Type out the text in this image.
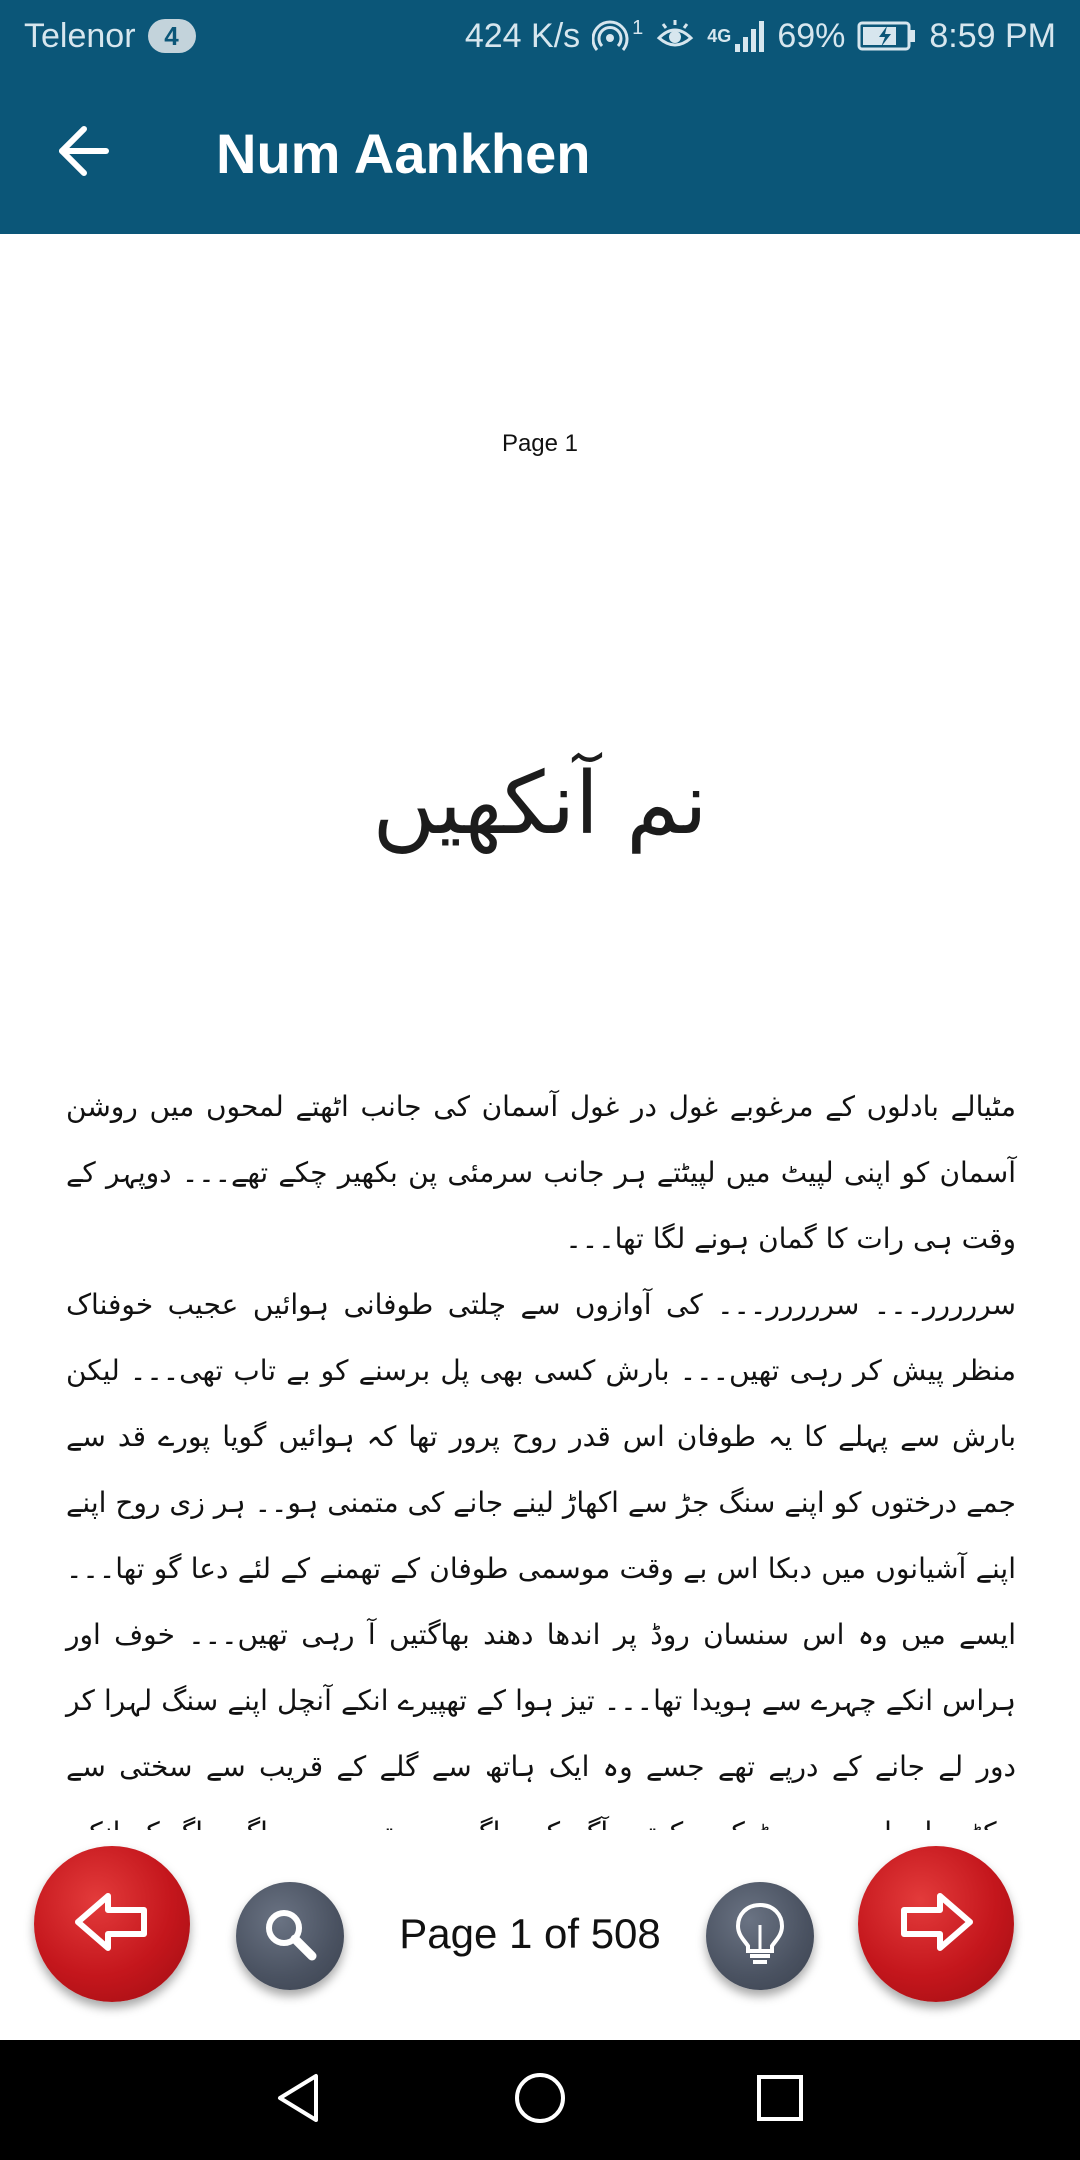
Telenor	4	424 K/s	1	4G 69% 8:59 PM
Num Aankhen
Page 1
نم آنکھیں

مٹیالے بادلوں کے مرغوبے غول در غول آسمان کی جانب اٹھتے لمحوں میں روشن آسمان کو اپنی لپیٹ میں لپیٹتے ہر جانب سرمئی پن بکھیر چکے تھے۔۔۔ دوپہر کے وقت ہی رات کا گمان ہونے لگا تھا۔۔۔

سررررر۔۔۔ سررررر۔۔۔ کی آوازوں سے چلتی طوفانی ہوائیں عجیب خوفناک منظر پیش کر رہی تھیں۔۔۔ بارش کسی بھی پل برسنے کو بے تاب تھی۔۔۔ لیکن بارش سے پہلے کا یہ طوفان اس قدر روح پرور تھا کہ ہوائیں گویا پورے قد سے جمے درختوں کو اپنے سنگ جڑ سے اکھاڑ لینے جانے کی متمنی ہو۔۔ ہر زی روح اپنے اپنے آشیانوں میں دبکا اس بے وقت موسمی طوفان کے تھمنے کے لئے دعا گو تھا۔۔۔ ایسے میں وہ اس سنسان روڈ پر اندھا دھند بھاگتیں آ رہی تھیں۔۔۔ خوف اور ہراس انکے چہرے سے ہویدا تھا۔۔۔ تیز ہوا کے تھپیرے انکے آنچل اپنے سنگ لہرا کر دور لے جانے کے درپے تھے جسے وہ ایک ہاتھ سے گلے کے قریب سے سختی سے

Page 1 of 508
